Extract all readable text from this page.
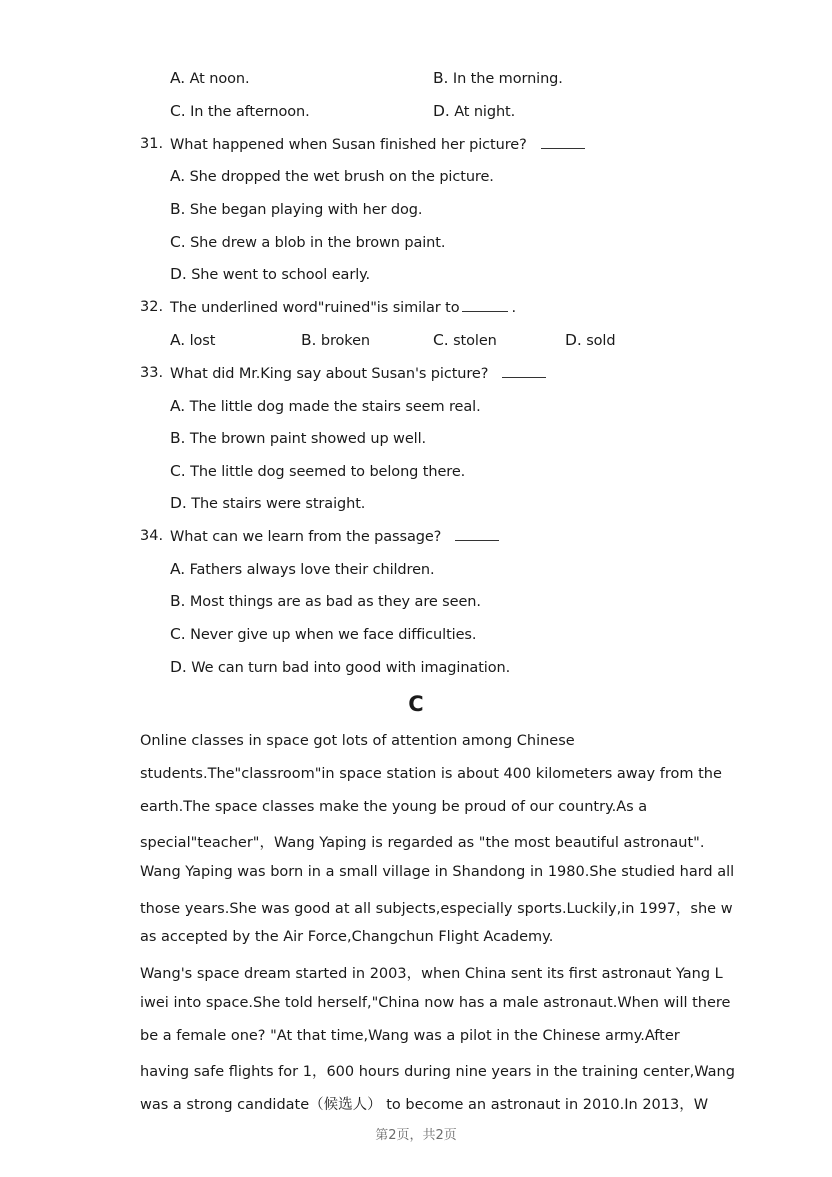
A. At noon.	B. In the morning.
C. In the afternoon.	D. At night.
31. What happened when Susan finished her picture?
A. She dropped the wet brush on the picture.
B. She began playing with her dog.
C. She drew a blob in the brown paint.
D. She went to school early.
32. The underlined word"ruined"is similar to	.
A. lost	B. broken	C. stolen	D. sold
33. What did Mr.King say about Susan's picture?
A. The little dog made the stairs seem real.
B. The brown paint showed up well.
C. The little dog seemed to belong there.
D. The stairs were straight.
34. What can we learn from the passage?
A. Fathers always love their children.
B. Most things are as bad as they are seen.
C. Never give up when we face difficulties.
D. We can turn bad into good with imagination.
C
Online classes in space got lots of attention among Chinese
students.The"classroom"in space station is about 400 kilometers away from the
earth.The space classes make the young be proud of our country.As a
special"teacher"，Wang Yaping is regarded as "the most beautiful astronaut".
Wang Yaping was born in a small village in Shandong in 1980.She studied hard all
those years.She was good at all subjects,especially sports.Luckily,in 1997，she w
as accepted by the Air Force,Changchun Flight Academy.
Wang's space dream started in 2003，when China sent its first astronaut Yang L
iwei into space.She told herself,"China now has a male astronaut.When will there
be a female one? "At that time,Wang was a pilot in the Chinese army.After
having safe flights for 1，600 hours during nine years in the training center,Wang
was a strong candidate（候选人） to become an astronaut in 2010.In 2013，W
第2页，共2页
